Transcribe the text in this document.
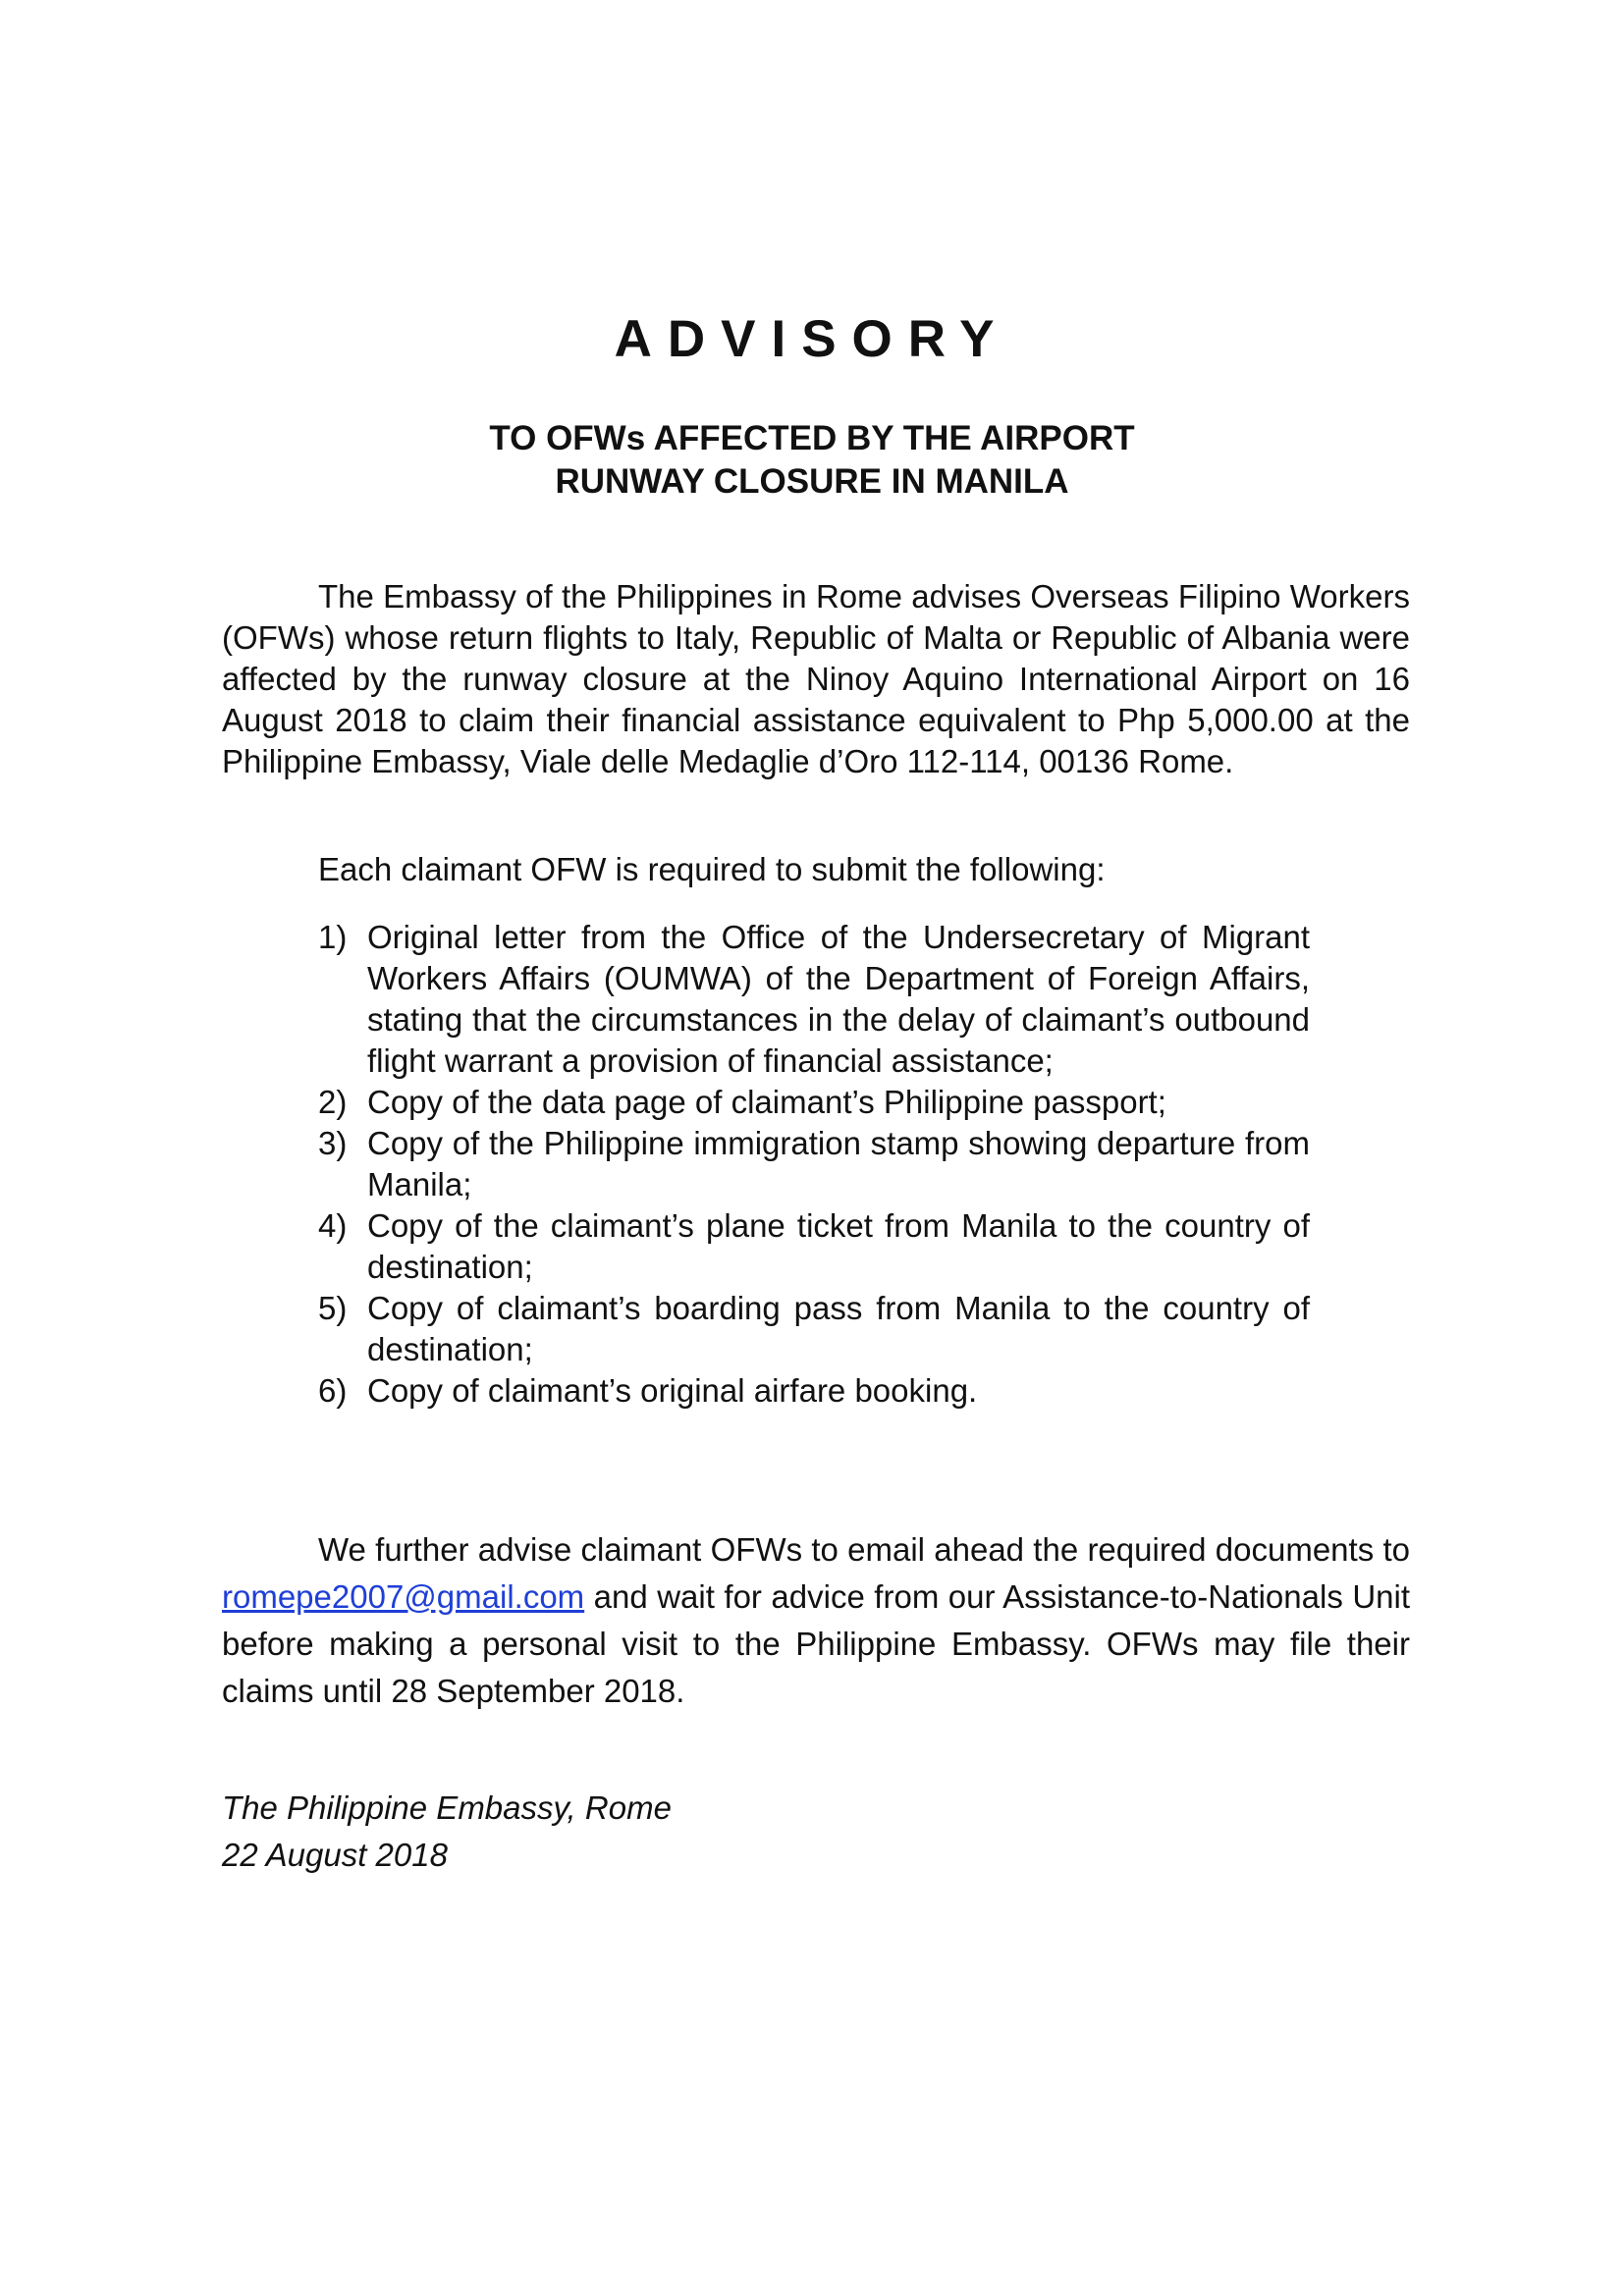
ADVISORY
TO OFWs AFFECTED BY THE AIRPORT
RUNWAY CLOSURE IN MANILA

The Embassy of the Philippines in Rome advises Overseas Filipino Workers (OFWs) whose return flights to Italy, Republic of Malta or Republic of Albania were affected by the runway closure at the Ninoy Aquino International Airport on 16 August 2018 to claim their financial assistance equivalent to Php 5,000.00 at the Philippine Embassy, Viale delle Medaglie d’Oro 112-114, 00136 Rome.

Each claimant OFW is required to submit the following:

1) Original letter from the Office of the Undersecretary of Migrant Workers Affairs (OUMWA) of the Department of Foreign Affairs, stating that the circumstances in the delay of claimant’s outbound flight warrant a provision of financial assistance;
2) Copy of the data page of claimant’s Philippine passport;
3) Copy of the Philippine immigration stamp showing departure from Manila;
4) Copy of the claimant’s plane ticket from Manila to the country of destination;
5) Copy of claimant’s boarding pass from Manila to the country of destination;
6) Copy of claimant’s original airfare booking.

We further advise claimant OFWs to email ahead the required documents to romepe2007@gmail.com and wait for advice from our Assistance-to-Nationals Unit before making a personal visit to the Philippine Embassy. OFWs may file their claims until 28 September 2018.

The Philippine Embassy, Rome
22 August 2018
